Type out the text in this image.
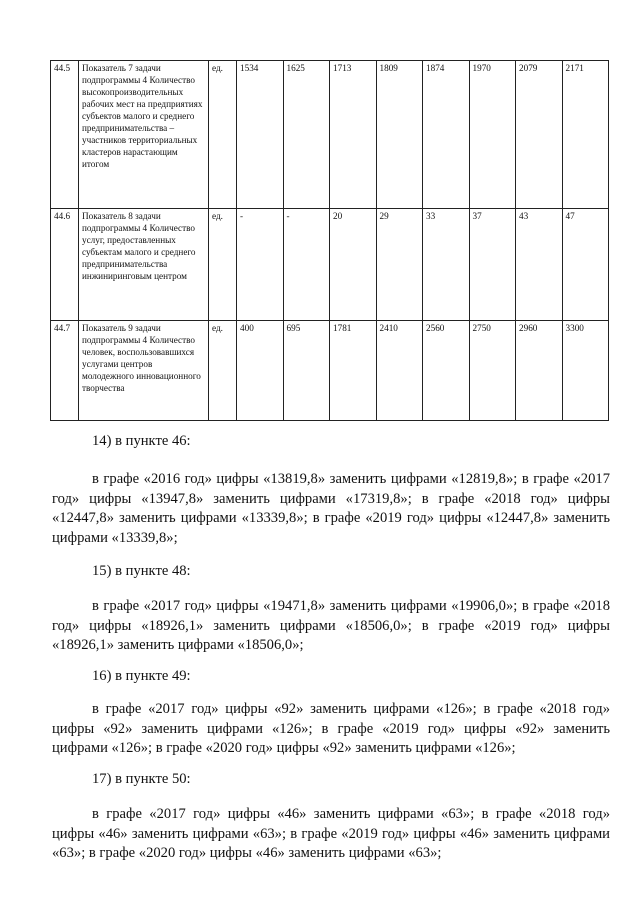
44.5	Показатель 7 задачи подпрограммы 4 Количество высокопроизводительных рабочих мест на предприятиях субъектов малого и среднего предпринимательства – участников территориальных кластеров нарастающим итогом	ед.	1534	1625	1713	1809	1874	1970	2079	2171
44.6	Показатель 8 задачи подпрограммы 4 Количество услуг, предоставленных субъектам малого и среднего предпринимательства инжиниринговым центром	ед.	-	-	20	29	33	37	43	47
44.7	Показатель 9 задачи подпрограммы 4 Количество человек, воспользовавшихся услугами центров молодежного инновационного творчества	ед.	400	695	1781	2410	2560	2750	2960	3300
14) в пункте 46:

в графе «2016 год» цифры «13819,8» заменить цифрами «12819,8»; в графе «2017 год» цифры «13947,8» заменить цифрами «17319,8»; в графе «2018 год» цифры «12447,8» заменить цифрами «13339,8»; в графе «2019 год» цифры «12447,8» заменить цифрами «13339,8»;

15) в пункте 48:

в графе «2017 год» цифры «19471,8» заменить цифрами «19906,0»; в графе «2018 год» цифры «18926,1» заменить цифрами «18506,0»; в графе «2019 год» цифры «18926,1» заменить цифрами «18506,0»;

16) в пункте 49:

в графе «2017 год» цифры «92» заменить цифрами «126»; в графе «2018 год» цифры «92» заменить цифрами «126»; в графе «2019 год» цифры «92» заменить цифрами «126»; в графе «2020 год» цифры «92» заменить цифрами «126»;

17) в пункте 50:

в графе «2017 год» цифры «46» заменить цифрами «63»; в графе «2018 год» цифры «46» заменить цифрами «63»; в графе «2019 год» цифры «46» заменить цифрами «63»; в графе «2020 год» цифры «46» заменить цифрами «63»;
